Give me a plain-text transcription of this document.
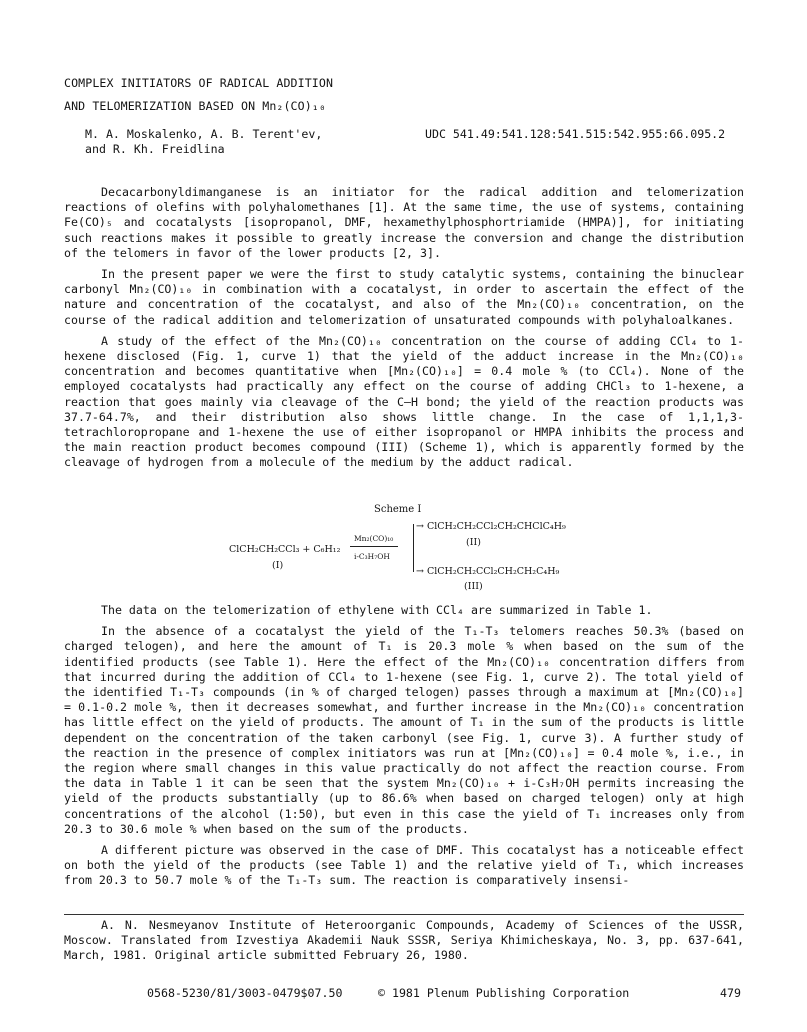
COMPLEX INITIATORS OF RADICAL ADDITION
AND TELOMERIZATION BASED ON Mn₂(CO)₁₀
M. A. Moskalenko, A. B. Terent'ev,
and R. Kh. Freidlina
UDC 541.49:541.128:541.515:542.955:66.095.2

Decacarbonyldimanganese is an initiator for the radical addition and telomerization reactions of olefins with polyhalomethanes [1]. At the same time, the use of systems, containing Fe(CO)₅ and cocatalysts [isopropanol, DMF, hexamethylphosphortriamide (HMPA)], for initiating such reactions makes it possible to greatly increase the conversion and change the distribution of the telomers in favor of the lower products [2, 3].

In the present paper we were the first to study catalytic systems, containing the binuclear carbonyl Mn₂(CO)₁₀ in combination with a cocatalyst, in order to ascertain the effect of the nature and concentration of the cocatalyst, and also of the Mn₂(CO)₁₀ concentration, on the course of the radical addition and telomerization of unsaturated compounds with polyhaloalkanes.

A study of the effect of the Mn₂(CO)₁₀ concentration on the course of adding CCl₄ to 1-hexene disclosed (Fig. 1, curve 1) that the yield of the adduct increase in the Mn₂(CO)₁₀ concentration and becomes quantitative when [Mn₂(CO)₁₀] = 0.4 mole % (to CCl₄). None of the employed cocatalysts had practically any effect on the course of adding CHCl₃ to 1-hexene, a reaction that goes mainly via cleavage of the C–H bond; the yield of the reaction products was 37.7-64.7%, and their distribution also shows little change. In the case of 1,1,1,3-tetrachloropropane and 1-hexene the use of either isopropanol or HMPA inhibits the process and the main reaction product becomes compound (III) (Scheme 1), which is apparently formed by the cleavage of hydrogen from a molecule of the medium by the adduct radical.

Scheme I
ClCH₂CH₂CCl₃ + C₆H₁₂
(I)
Mn₂(CO)₁₀
i-C₃H₇OH
→ ClCH₂CH₂CCl₂CH₂CHClC₄H₉
(II)
→ ClCH₂CH₂CCl₂CH₂CH₂C₄H₉
(III)

The data on the telomerization of ethylene with CCl₄ are summarized in Table 1.

In the absence of a cocatalyst the yield of the T₁-T₃ telomers reaches 50.3% (based on charged telogen), and here the amount of T₁ is 20.3 mole % when based on the sum of the identified products (see Table 1). Here the effect of the Mn₂(CO)₁₀ concentration differs from that incurred during the addition of CCl₄ to 1-hexene (see Fig. 1, curve 2). The total yield of the identified T₁-T₃ compounds (in % of charged telogen) passes through a maximum at [Mn₂(CO)₁₀] = 0.1-0.2 mole %, then it decreases somewhat, and further increase in the Mn₂(CO)₁₀ concentration has little effect on the yield of products. The amount of T₁ in the sum of the products is little dependent on the concentration of the taken carbonyl (see Fig. 1, curve 3). A further study of the reaction in the presence of complex initiators was run at [Mn₂(CO)₁₀] = 0.4 mole %, i.e., in the region where small changes in this value practically do not affect the reaction course. From the data in Table 1 it can be seen that the system Mn₂(CO)₁₀ + i-C₃H₇OH permits increasing the yield of the products substantially (up to 86.6% when based on charged telogen) only at high concentrations of the alcohol (1:50), but even in this case the yield of T₁ increases only from 20.3 to 30.6 mole % when based on the sum of the products.

A different picture was observed in the case of DMF. This cocatalyst has a noticeable effect on both the yield of the products (see Table 1) and the relative yield of T₁, which increases from 20.3 to 50.7 mole % of the T₁-T₃ sum. The reaction is comparatively insensi-

A. N. Nesmeyanov Institute of Heteroorganic Compounds, Academy of Sciences of the USSR, Moscow. Translated from Izvestiya Akademii Nauk SSSR, Seriya Khimicheskaya, No. 3, pp. 637-641, March, 1981. Original article submitted February 26, 1980.
0568-5230/81/3003-0479$07.50	© 1981 Plenum Publishing Corporation	479
